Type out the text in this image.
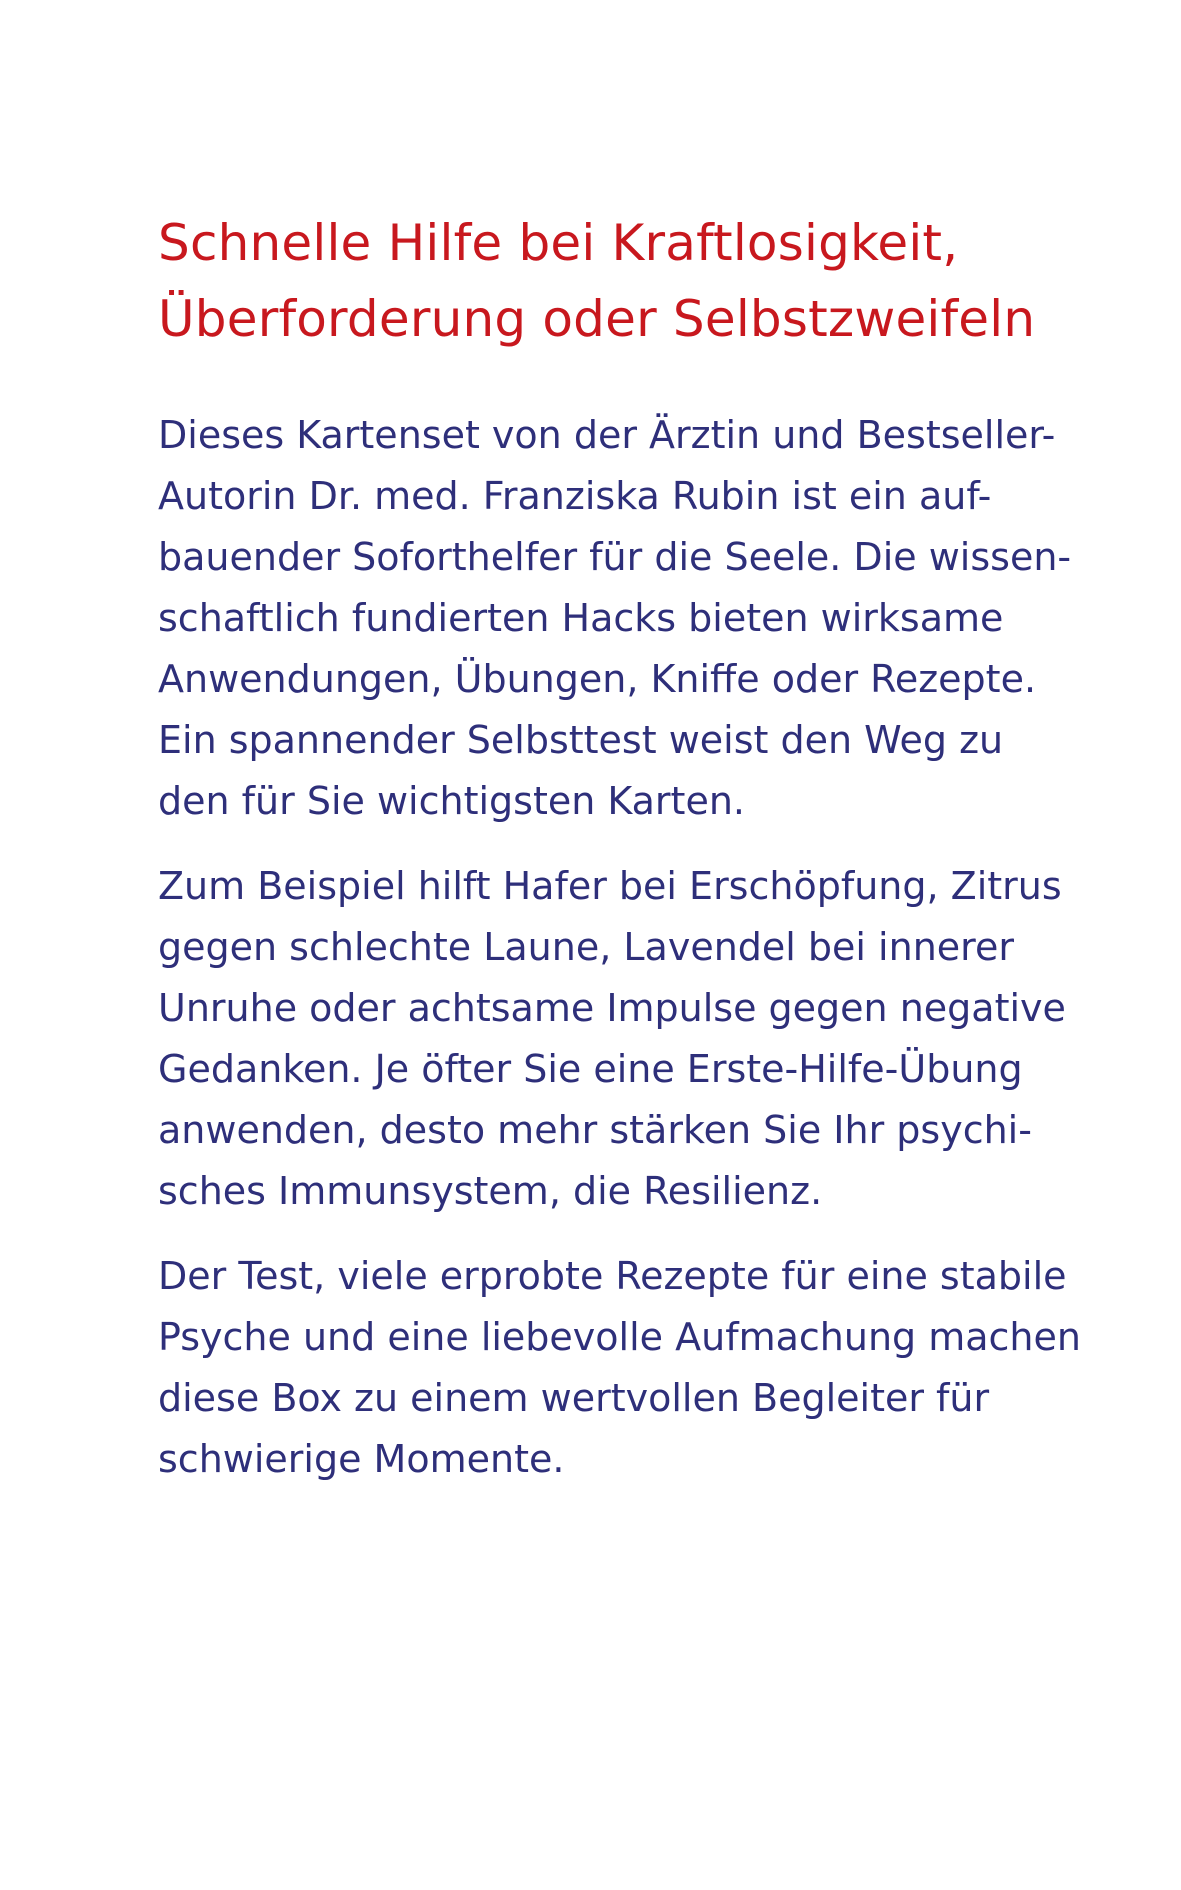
Schnelle Hilfe bei Kraftlosigkeit,
Überforderung oder Selbstzweifeln

Dieses Kartenset von der Ärztin und Bestseller-
Autorin Dr. med. Franziska Rubin ist ein auf-
bauender Soforthelfer für die Seele. Die wissen-
schaftlich fundierten Hacks bieten wirksame
Anwendungen, Übungen, Kniffe oder Rezepte.
Ein spannender Selbsttest weist den Weg zu
den für Sie wichtigsten Karten.

Zum Beispiel hilft Hafer bei Erschöpfung, Zitrus
gegen schlechte Laune, Lavendel bei innerer
Unruhe oder achtsame Impulse gegen negative
Gedanken. Je öfter Sie eine Erste-Hilfe-Übung
anwenden, desto mehr stärken Sie Ihr psychi-
sches Immunsystem, die Resilienz.

Der Test, viele erprobte Rezepte für eine stabile
Psyche und eine liebevolle Aufmachung machen
diese Box zu einem wertvollen Begleiter für
schwierige Momente.
